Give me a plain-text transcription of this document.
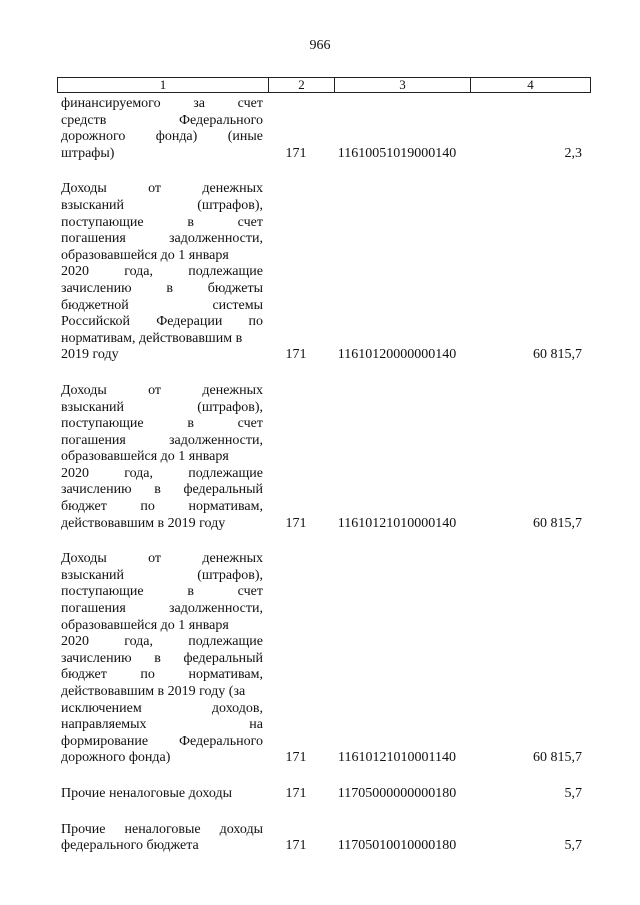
966
1	2	3	4
финансируемого за счет
средств	Федерального
дорожного фонда) (иные
штрафы)	171	11610051019000140	2,3
Доходы	от	денежных
взысканий	(штрафов),
поступающие	в	счет
погашения	задолженности,
образовавшейся до 1 января
2020	года,	подлежащие
зачислению в бюджеты
бюджетной	системы
Российской Федерации по
нормативам, действовавшим в
2019 году	171	11610120000000140	60 815,7
Доходы	от	денежных
взысканий	(штрафов),
поступающие	в	счет
погашения	задолженности,
образовавшейся до 1 января
2020	года,	подлежащие
зачислению в федеральный
бюджет по нормативам,
действовавшим в 2019 году	171	11610121010000140	60 815,7
Доходы	от	денежных
взысканий	(штрафов),
поступающие	в	счет
погашения	задолженности,
образовавшейся до 1 января
2020	года,	подлежащие
зачислению в федеральный
бюджет по нормативам,
действовавшим в 2019 году (за
исключением	доходов,
направляемых	на
формирование Федерального
дорожного фонда)	171	11610121010001140	60 815,7
Прочие неналоговые доходы	171	11705000000000180	5,7
Прочие неналоговые доходы
федерального бюджета	171	11705010010000180	5,7
